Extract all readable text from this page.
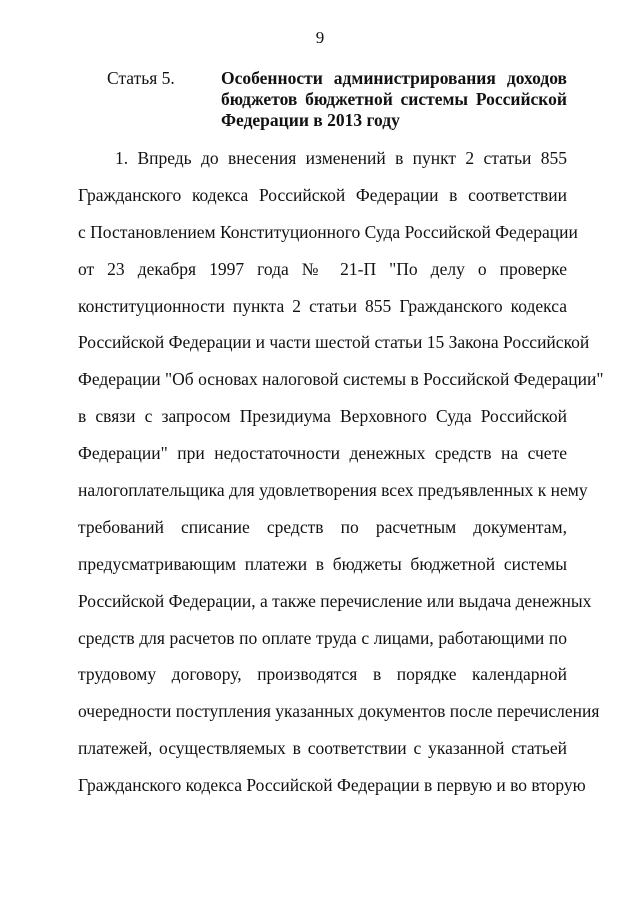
9
Статья 5.	Особенности администрирования доходов
бюджетов бюджетной системы Российской
Федерации в 2013 году
1. Впредь до внесения изменений в пункт 2 статьи 855
Гражданского кодекса Российской Федерации в соответствии
с Постановлением Конституционного Суда Российской Федерации
от 23 декабря 1997 года № 21-П "По делу о проверке
конституционности пункта 2 статьи 855 Гражданского кодекса
Российской Федерации и части шестой статьи 15 Закона Российской
Федерации "Об основах налоговой системы в Российской Федерации"
в связи с запросом Президиума Верховного Суда Российской
Федерации" при недостаточности денежных средств на счете
налогоплательщика для удовлетворения всех предъявленных к нему
требований списание средств по расчетным документам,
предусматривающим платежи в бюджеты бюджетной системы
Российской Федерации, а также перечисление или выдача денежных
средств для расчетов по оплате труда с лицами, работающими по
трудовому договору, производятся в порядке календарной
очередности поступления указанных документов после перечисления
платежей, осуществляемых в соответствии с указанной статьей
Гражданского кодекса Российской Федерации в первую и во вторую
